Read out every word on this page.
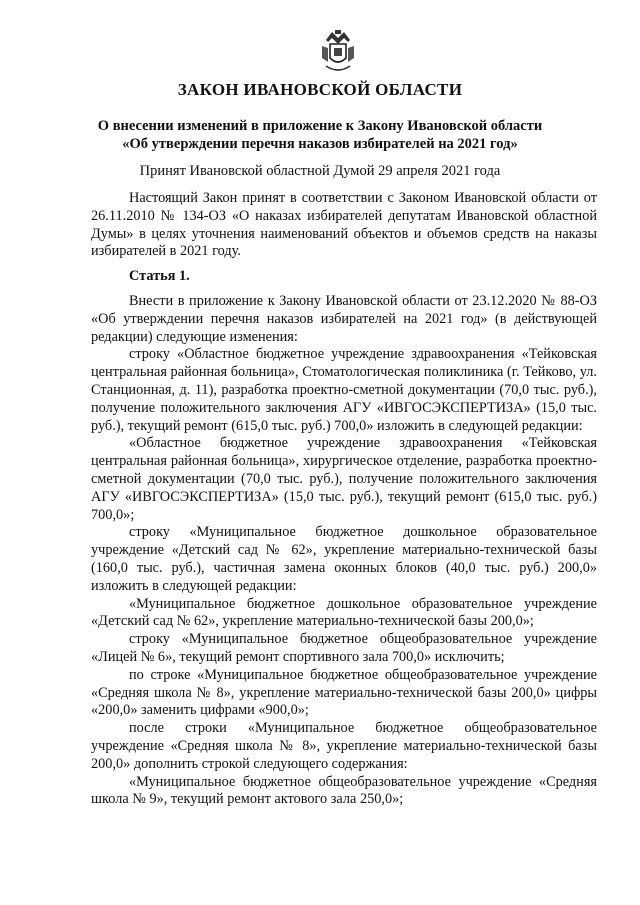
ЗАКОН ИВАНОВСКОЙ ОБЛАСТИ
О внесении изменений в приложение к Закону Ивановской области
«Об утверждении перечня наказов избирателей на 2021 год»
Принят Ивановской областной Думой 29 апреля 2021 года

Настоящий Закон принят в соответствии с Законом Ивановской области от 26.11.2010 № 134-ОЗ «О наказах избирателей депутатам Ивановской областной Думы» в целях уточнения наименований объектов и объемов средств на наказы избирателей в 2021 году.

Статья 1.

Внести в приложение к Закону Ивановской области от 23.12.2020 № 88-ОЗ «Об утверждении перечня наказов избирателей на 2021 год» (в действующей редакции) следующие изменения:

строку «Областное бюджетное учреждение здравоохранения «Тейковская центральная районная больница», Стоматологическая поликлиника (г. Тейково, ул. Станционная, д. 11), разработка проектно-сметной документации (70,0 тыс. руб.), получение положительного заключения АГУ «ИВГОСЭКСПЕРТИЗА» (15,0 тыс. руб.), текущий ремонт (615,0 тыс. руб.) 700,0» изложить в следующей редакции:

«Областное бюджетное учреждение здравоохранения «Тейковская центральная районная больница», хирургическое отделение, разработка проектно-сметной документации (70,0 тыс. руб.), получение положительного заключения АГУ «ИВГОСЭКСПЕРТИЗА» (15,0 тыс. руб.), текущий ремонт (615,0 тыс. руб.) 700,0»;

строку «Муниципальное бюджетное дошкольное образовательное учреждение «Детский сад № 62», укрепление материально-технической базы (160,0 тыс. руб.), частичная замена оконных блоков (40,0 тыс. руб.) 200,0» изложить в следующей редакции:

«Муниципальное бюджетное дошкольное образовательное учреждение «Детский сад № 62», укрепление материально-технической базы 200,0»;

строку «Муниципальное бюджетное общеобразовательное учреждение «Лицей № 6», текущий ремонт спортивного зала 700,0» исключить;

по строке «Муниципальное бюджетное общеобразовательное учреждение «Средняя школа № 8», укрепление материально-технической базы 200,0» цифры «200,0» заменить цифрами «900,0»;

после строки «Муниципальное бюджетное общеобразовательное учреждение «Средняя школа № 8», укрепление материально-технической базы 200,0» дополнить строкой следующего содержания:

«Муниципальное бюджетное общеобразовательное учреждение «Средняя школа № 9», текущий ремонт актового зала 250,0»;
